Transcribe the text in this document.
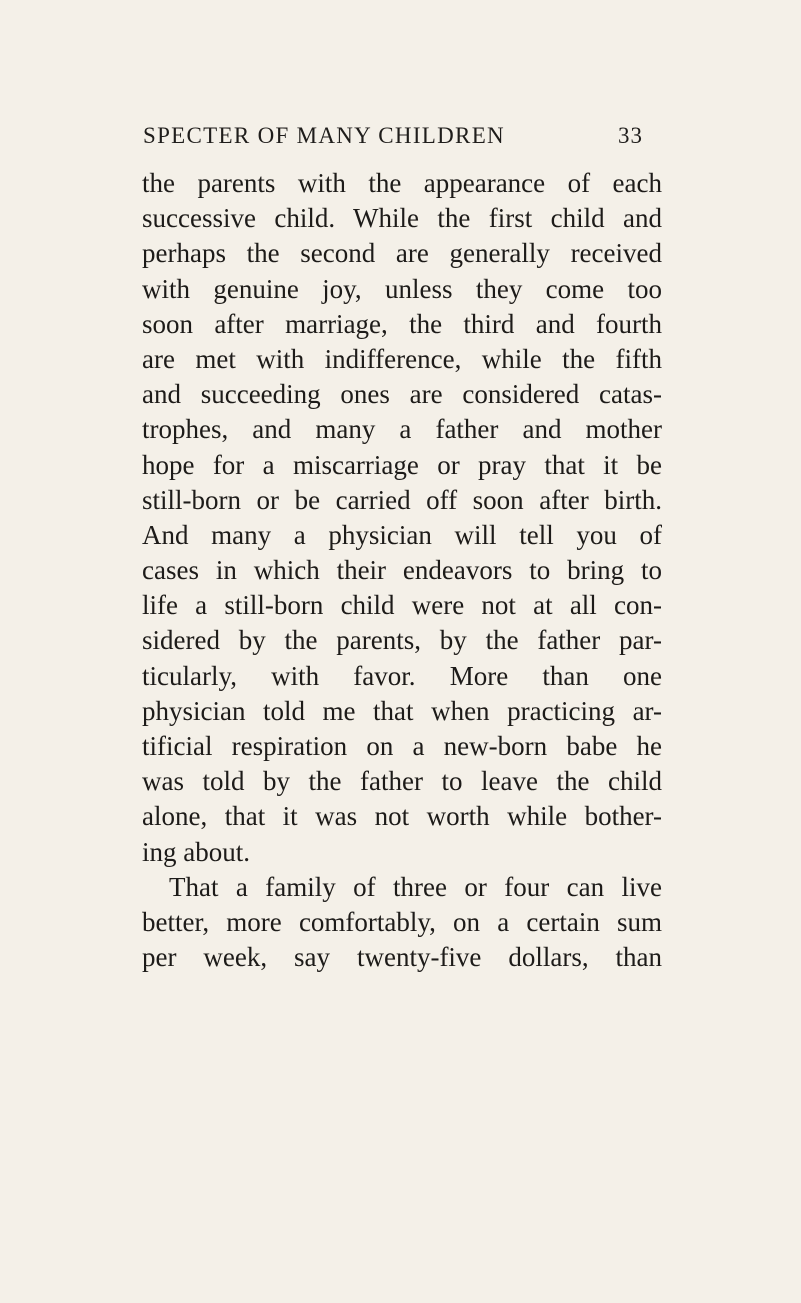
SPECTER OF MANY CHILDREN	33
the parents with the appearance of each
successive child. While the first child and
perhaps the second are generally received
with genuine joy, unless they come too
soon after marriage, the third and fourth
are met with indifference, while the fifth
and succeeding ones are considered catas-
trophes, and many a father and mother
hope for a miscarriage or pray that it be
still-born or be carried off soon after birth.
And many a physician will tell you of
cases in which their endeavors to bring to
life a still-born child were not at all con-
sidered by the parents, by the father par-
ticularly, with favor. More than one
physician told me that when practicing ar-
tificial respiration on a new-born babe he
was told by the father to leave the child
alone, that it was not worth while bother-
ing about.
That a family of three or four can live
better, more comfortably, on a certain sum
per week, say twenty-five dollars, than
